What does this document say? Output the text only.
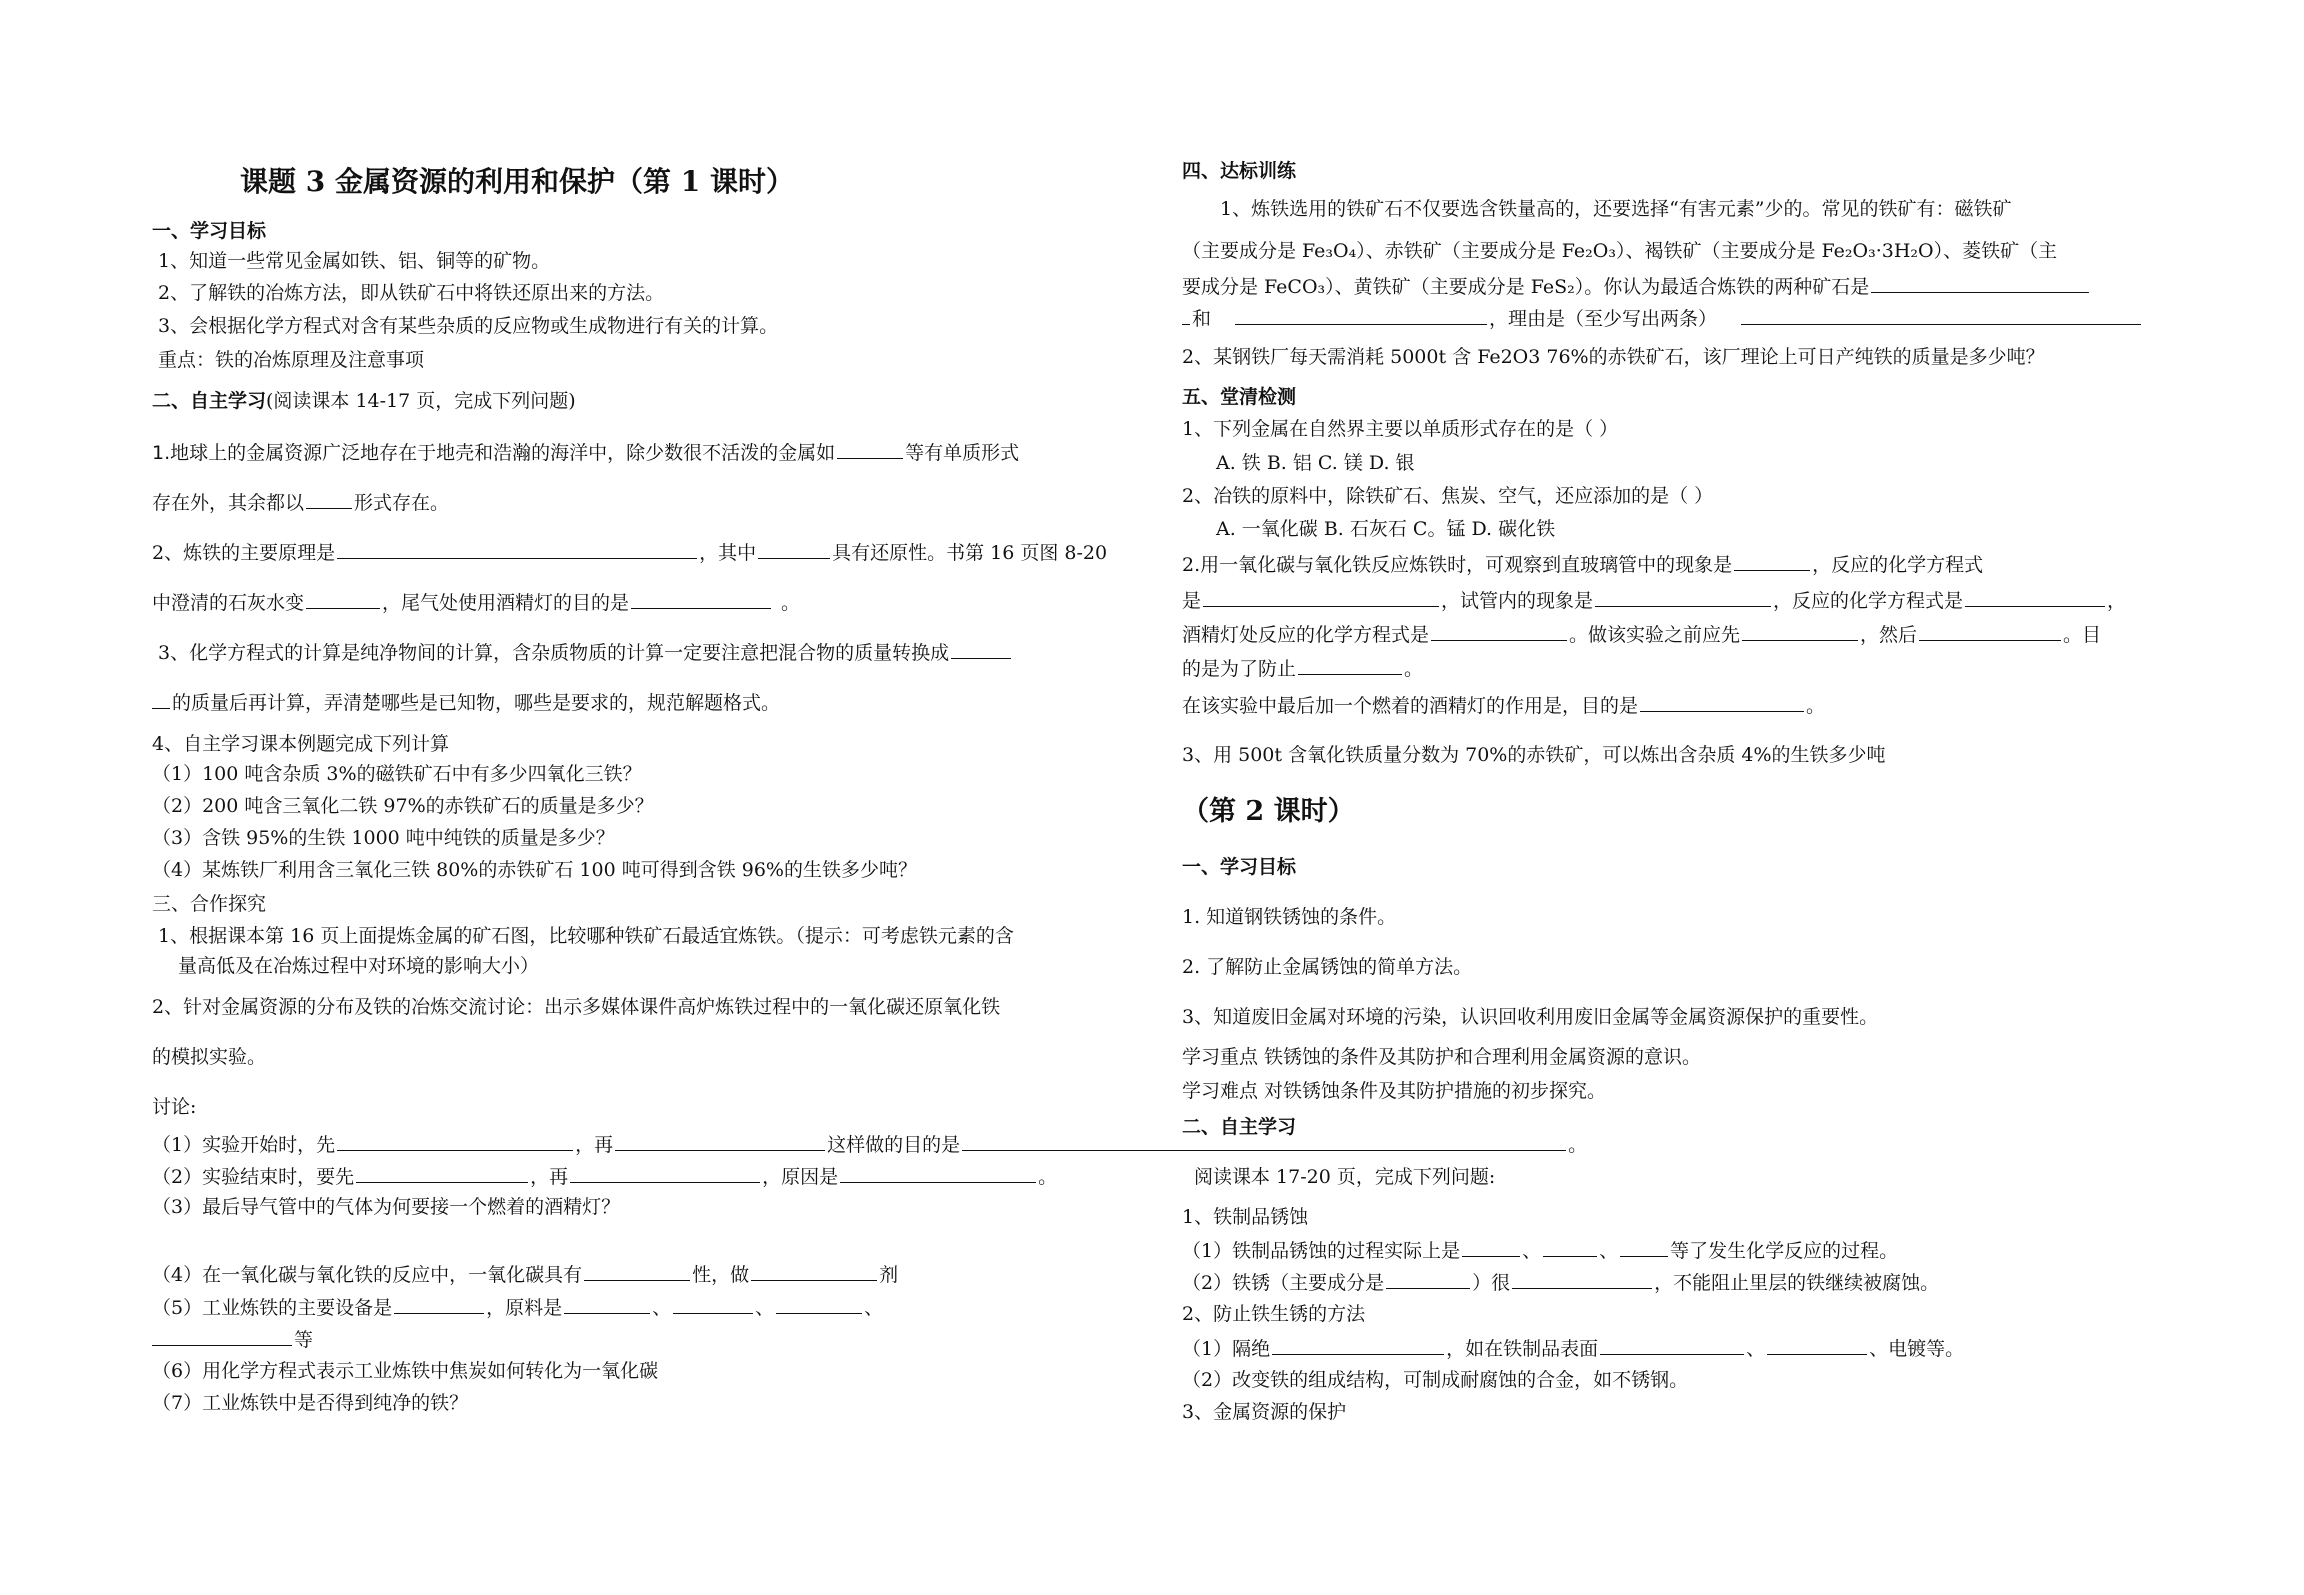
课题 3 金属资源的利用和保护（第 1 课时）
一、学习目标
1、知道一些常见金属如铁、铝、铜等的矿物。
2、了解铁的冶炼方法，即从铁矿石中将铁还原出来的方法。
3、会根据化学方程式对含有某些杂质的反应物或生成物进行有关的计算。
重点：铁的冶炼原理及注意事项
二、自主学习(阅读课本 14-17 页，完成下列问题)
1.地球上的金属资源广泛地存在于地壳和浩瀚的海洋中，除少数很不活泼的金属如	等有单质形式
存在外，其余都以	形式存在。
2、炼铁的主要原理是	，其中	具有还原性。书第 16 页图 8-20
中澄清的石灰水变	，尾气处使用酒精灯的目的是	。
3、化学方程式的计算是纯净物间的计算，含杂质物质的计算一定要注意把混合物的质量转换成
的质量后再计算，弄清楚哪些是已知物，哪些是要求的，规范解题格式。
4、自主学习课本例题完成下列计算
（1）100 吨含杂质 3%的磁铁矿石中有多少四氧化三铁？
（2）200 吨含三氧化二铁 97%的赤铁矿石的质量是多少？
（3）含铁 95%的生铁 1000 吨中纯铁的质量是多少？
（4）某炼铁厂利用含三氧化三铁 80%的赤铁矿石 100 吨可得到含铁 96%的生铁多少吨？
三、合作探究
1、根据课本第 16 页上面提炼金属的矿石图，比较哪种铁矿石最适宜炼铁。（提示：可考虑铁元素的含
量高低及在冶炼过程中对环境的影响大小）
2、针对金属资源的分布及铁的冶炼交流讨论：出示多媒体课件高炉炼铁过程中的一氧化碳还原氧化铁
的模拟实验。
讨论:
（1）实验开始时，先	，再	这样做的目的是	。
（2）实验结束时，要先	，再	，原因是	。
（3）最后导气管中的气体为何要接一个燃着的酒精灯？
（4）在一氧化碳与氧化铁的反应中，一氧化碳具有	性，做	剂
（5）工业炼铁的主要设备是	，原料是	、	、	、
等
（6）用化学方程式表示工业炼铁中焦炭如何转化为一氧化碳
（7）工业炼铁中是否得到纯净的铁？
四、达标训练
1、炼铁选用的铁矿石不仅要选含铁量高的，还要选择“有害元素”少的。常见的铁矿有：磁铁矿
（主要成分是 Fe₃O₄）、赤铁矿（主要成分是 Fe₂O₃）、褐铁矿（主要成分是 Fe₂O₃·3H₂O）、菱铁矿（主
要成分是 FeCO₃）、黄铁矿（主要成分是 FeS₂）。你认为最适合炼铁的两种矿石是
和	，理由是（至少写出两条）
2、某钢铁厂每天需消耗 5000t 含 Fe2O3 76%的赤铁矿石，该厂理论上可日产纯铁的质量是多少吨？
五、堂清检测
1、下列金属在自然界主要以单质形式存在的是（ ）
A. 铁 B. 铝 C. 镁 D. 银
2、冶铁的原料中，除铁矿石、焦炭、空气，还应添加的是（ ）
A. 一氧化碳 B. 石灰石 C。锰 D. 碳化铁
2.用一氧化碳与氧化铁反应炼铁时，可观察到直玻璃管中的现象是	，反应的化学方程式
是	，试管内的现象是	，反应的化学方程式是	，
酒精灯处反应的化学方程式是	。做该实验之前应先	，然后	。目
的是为了防止	。
在该实验中最后加一个燃着的酒精灯的作用是，目的是	。
3、用 500t 含氧化铁质量分数为 70%的赤铁矿，可以炼出含杂质 4%的生铁多少吨
（第 2 课时）
一、学习目标
1. 知道钢铁锈蚀的条件。
2. 了解防止金属锈蚀的简单方法。
3、知道废旧金属对环境的污染，认识回收利用废旧金属等金属资源保护的重要性。
学习重点 铁锈蚀的条件及其防护和合理利用金属资源的意识。
学习难点 对铁锈蚀条件及其防护措施的初步探究。
二、自主学习
阅读课本 17-20 页，完成下列问题:
1、铁制品锈蚀
（1）铁制品锈蚀的过程实际上是	、	、	等了发生化学反应的过程。
（2）铁锈（主要成分是	）很	，不能阻止里层的铁继续被腐蚀。
2、防止铁生锈的方法
（1）隔绝	，如在铁制品表面	、	、电镀等。
（2）改变铁的组成结构，可制成耐腐蚀的合金，如不锈钢。
3、金属资源的保护
